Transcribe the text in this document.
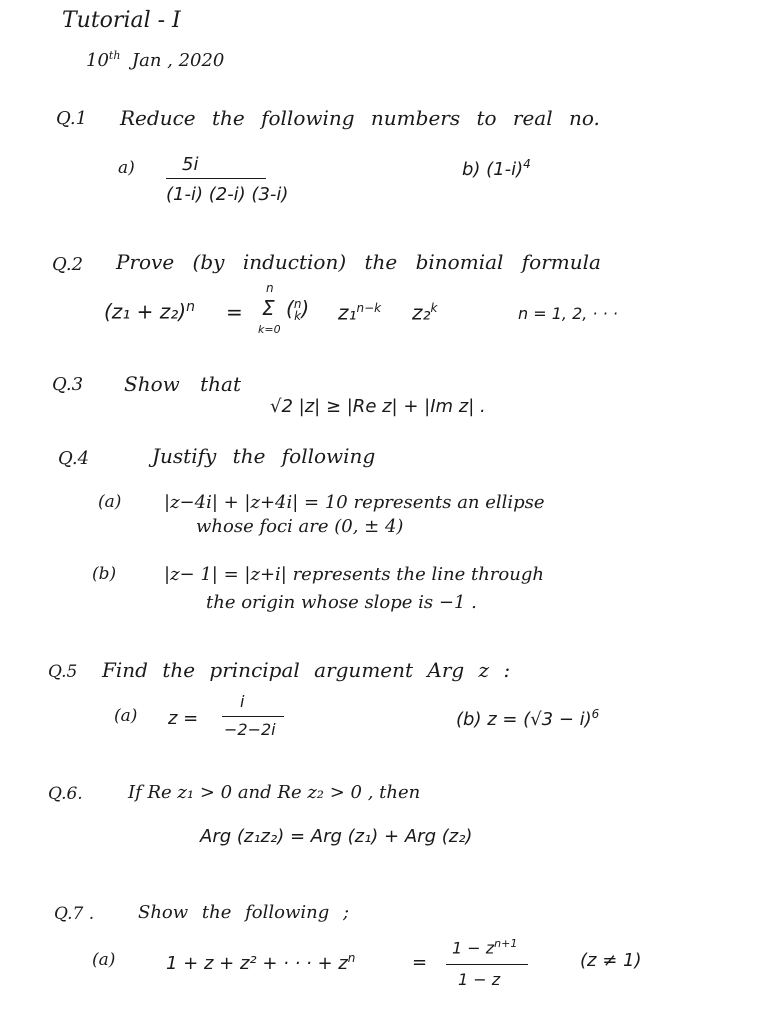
Tutorial - I
10th Jan , 2020
Q.1 Reduce the following numbers to real no.
a)	5i
(1-i) (2-i) (3-i)
b) $(1-i)^4$
Q.2 Prove (by induction) the binomial formula
$(z_1 + z_2)^n$ =
n
Σ
k=0
( n
k ) z₁$^{n-k}$ z₂$^k$	n = 1, 2, · · ·
Q.3 Show that
√2 |z| ≥ |Re z| + |Im z| .
Q.4	Justify the following
(a) |z−4i| + |z+4i| = 10 represents an ellipse
whose foci are (0, ± 4)
(b)	|z− 1| = |z+i| represents the line through
the origin whose slope is −1 .
Q.5 Find the principal argument Arg z :
(a) z =
i
−2−2i	(b) $z = (√3 - i)^6$
Q.6.	If Re z₁ > 0 and Re z₂ > 0 , then
Arg (z₁z₂) = Arg (z₁) + Arg (z₂)
Q.7 . Show the following ;
(a)	1 + z + z² + · · · + $z^n$	=
$1 - z^{n+1}$
1 − z
(z ≠ 1)
